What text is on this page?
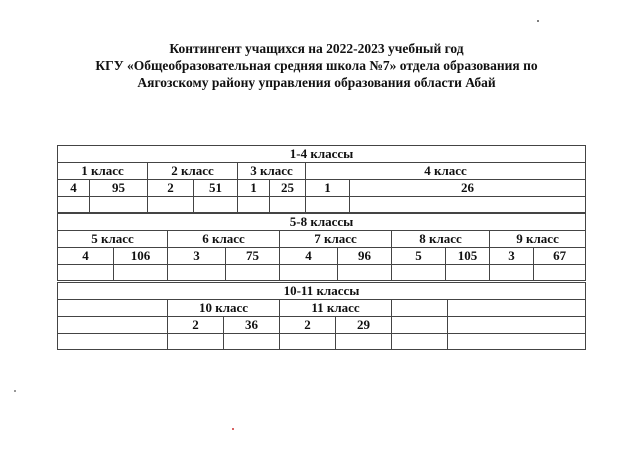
Контингент учащихся на 2022-2023 учебный год
КГУ «Общеобразовательная средняя школа №7» отдела образования по
Аягозскому району управления образования области Абай
1-4 классы							
1 класс		2 класс		3 класс		4 класс	
4	95	2	51	1	25	1	26

5-8 классы									
5 класс		6 класс		7 класс		8 класс		9 класс	
4	106	3	75	4	96	5	105	3	67

10-11 классы						
	10 класс		11 класс			
	2	36	2	29		
